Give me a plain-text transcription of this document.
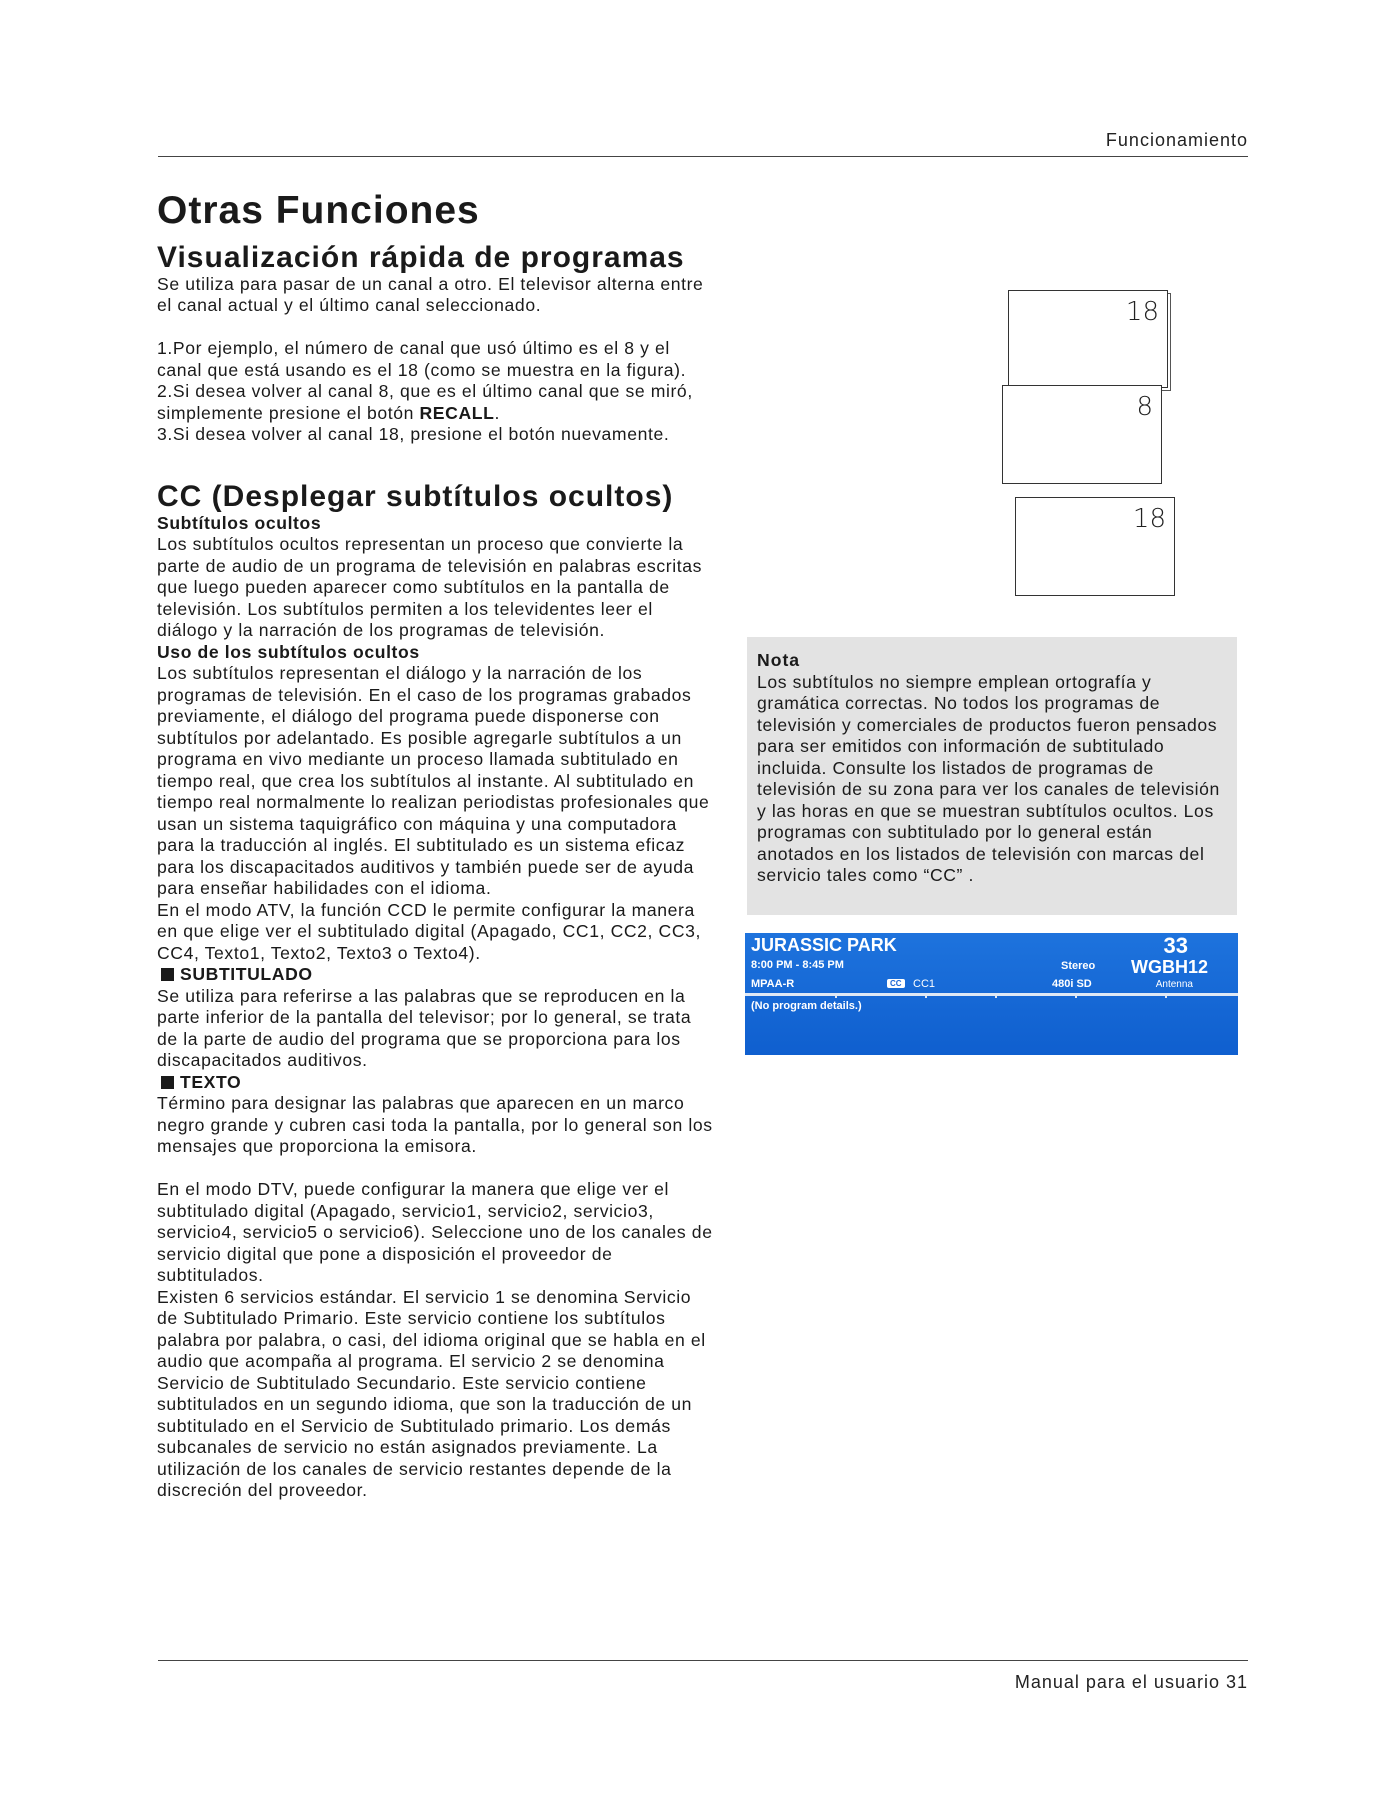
Funcionamiento
Otras Funciones
Visualización rápida de programas

Se utiliza para pasar de un canal a otro. El televisor alterna entre el canal actual y el último canal seleccionado.

1.Por ejemplo, el número de canal que usó último es el 8 y el canal que está usando es el 18 (como se muestra en la figura).

2.Si desea volver al canal 8, que es el último canal que se miró, simplemente presione el botón RECALL.

3.Si desea volver al canal 18, presione el botón nuevamente.

CC (Desplegar subtítulos ocultos)

Subtítulos ocultos

Los subtítulos ocultos representan un proceso que convierte la parte de audio de un programa de televisión en palabras escritas que luego pueden aparecer como subtítulos en la pantalla de televisión. Los subtítulos permiten a los televidentes leer el diálogo y la narración de los programas de televisión.

Uso de los subtítulos ocultos

Los subtítulos representan el diálogo y la narración de los programas de televisión. En el caso de los programas grabados previamente, el diálogo del programa puede disponerse con subtítulos por adelantado. Es posible agregarle subtítulos a un programa en vivo mediante un proceso llamada subtitulado en tiempo real, que crea los subtítulos al instante. Al subtitulado en tiempo real normalmente lo realizan periodistas profesionales que usan un sistema taquigráfico con máquina y una computadora para la traducción al inglés. El subtitulado es un sistema eficaz para los discapacitados auditivos y también puede ser de ayuda para enseñar habilidades con el idioma.

En el modo ATV, la función CCD le permite configurar la manera en que elige ver el subtitulado digital (Apagado, CC1, CC2, CC3, CC4, Texto1, Texto2, Texto3 o Texto4).

SUBTITULADO

Se utiliza para referirse a las palabras que se reproducen en la parte inferior de la pantalla del televisor; por lo general, se trata de la parte de audio del programa que se proporciona para los discapacitados auditivos.

TEXTO

Término para designar las palabras que aparecen en un marco negro grande y cubren casi toda la pantalla, por lo general son los mensajes que proporciona la emisora.

En el modo DTV, puede configurar la manera que elige ver el subtitulado digital (Apagado, servicio1, servicio2, servicio3, servicio4, servicio5 o servicio6). Seleccione uno de los canales de servicio digital que pone a disposición el proveedor de subtitulados.

Existen 6 servicios estándar. El servicio 1 se denomina Servicio de Subtitulado Primario. Este servicio contiene los subtítulos palabra por palabra, o casi, del idioma original que se habla en el audio que acompaña al programa. El servicio 2 se denomina Servicio de Subtitulado Secundario. Este servicio contiene subtitulados en un segundo idioma, que son la traducción de un subtitulado en el Servicio de Subtitulado primario. Los demás subcanales de servicio no están asignados previamente. La utilización de los canales de servicio restantes depende de la discreción del proveedor.

18
8
18

Nota

Los subtítulos no siempre emplean ortografía y gramática correctas. No todos los programas de televisión y comerciales de productos fueron pensados para ser emitidos con información de subtitulado incluida. Consulte los listados de programas de televisión de su zona para ver los canales de televisión y las horas en que se muestran subtítulos ocultos. Los programas con subtitulado por lo general están anotados en los listados de televisión con marcas del servicio tales como “CC” .

JURASSIC PARK	33
8:00 PM - 8:45 PM	Stereo WGBH12
MPAA-R	CC CC1	480i SD	Antenna
(No program details.)
Manual para el usuario 31
